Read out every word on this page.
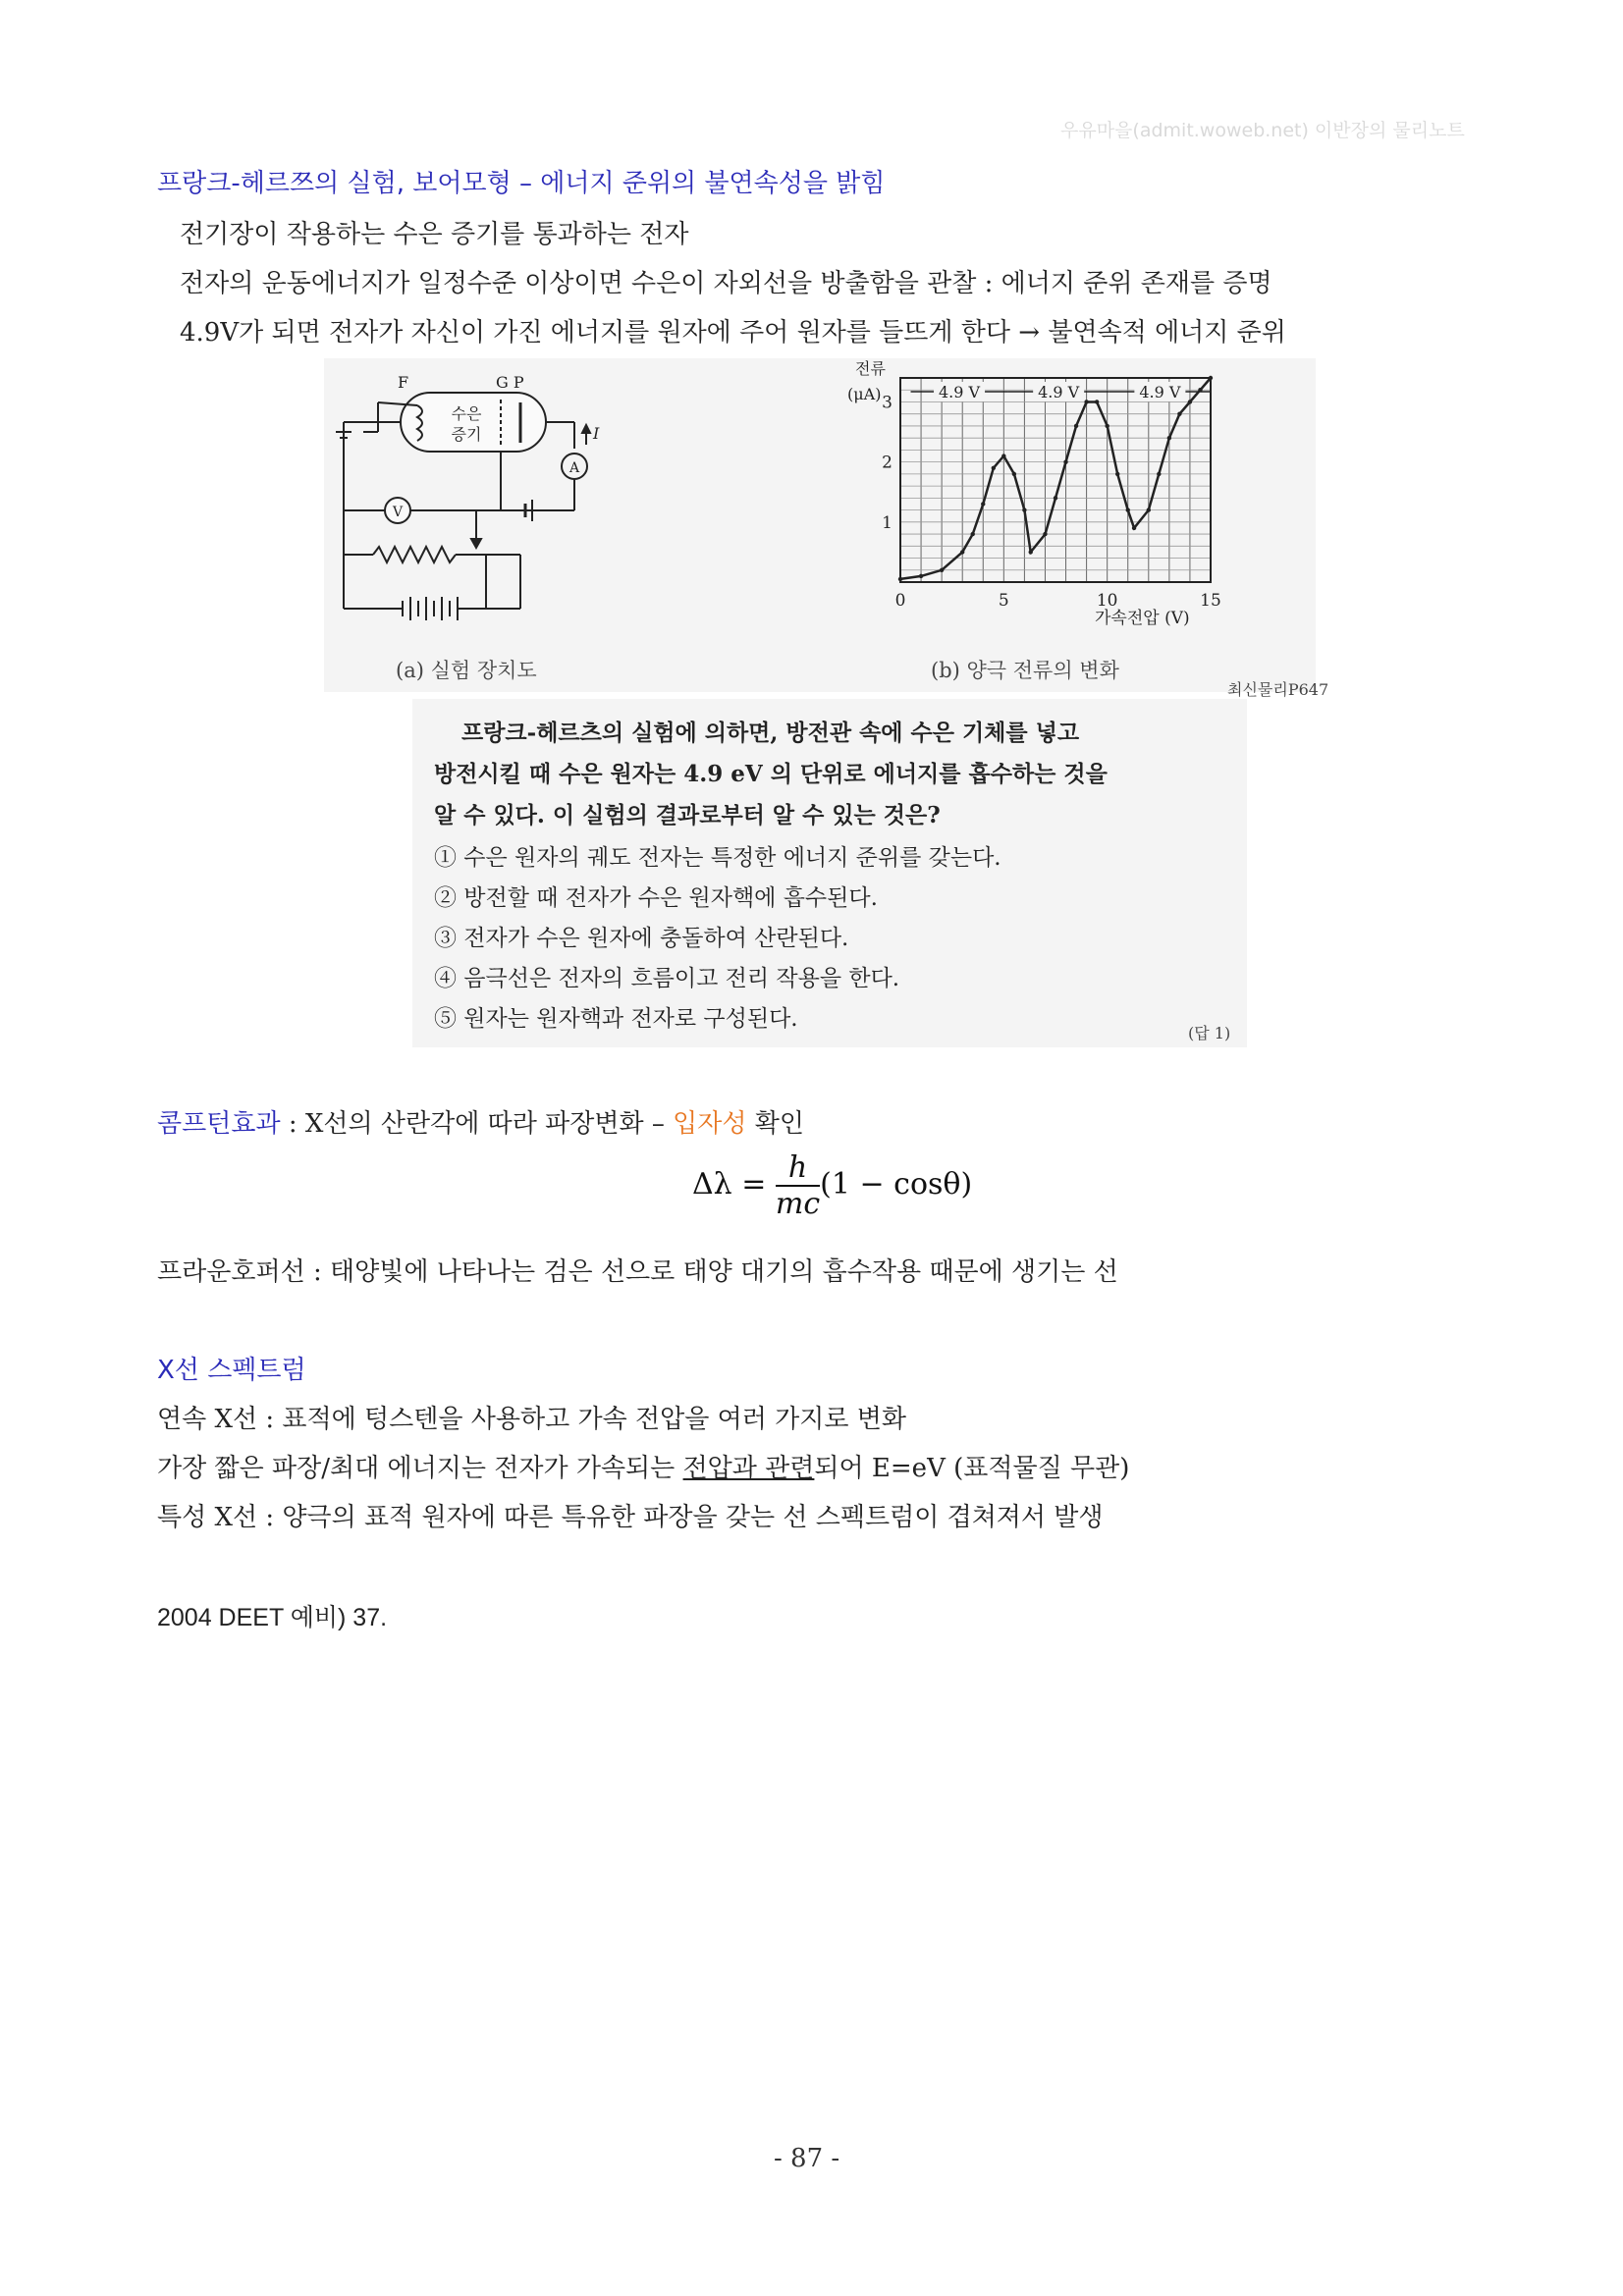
우유마을(admit.woweb.net) 이반장의 물리노트
프랑크-헤르쯔의 실험, 보어모형 – 에너지 준위의 불연속성을 밝힘
전기장이 작용하는 수은 증기를 통과하는 전자
전자의 운동에너지가 일정수준 이상이면 수은이 자외선을 방출함을 관찰 : 에너지 준위 존재를 증명
4.9V가 되면 전자가 자신이 가진 에너지를 원자에 주어 원자를 들뜨게 한다 → 불연속적 에너지 준위
F	G P
수은
증기
A
V
I
(a) 실험 장치도
0	5	10	15
1
2
3
4.9 V	4.9 V	4.9 V
전류
(μA)
가속전압 (V)
(b) 양극 전류의 변화
최신물리P647
프랑크-헤르츠의 실험에 의하면, 방전관 속에 수은 기체를 넣고
방전시킬 때 수은 원자는 4.9 eV 의 단위로 에너지를 흡수하는 것을
알 수 있다. 이 실험의 결과로부터 알 수 있는 것은?
① 수은 원자의 궤도 전자는 특정한 에너지 준위를 갖는다.
② 방전할 때 전자가 수은 원자핵에 흡수된다.
③ 전자가 수은 원자에 충돌하여 산란된다.
④ 음극선은 전자의 흐름이고 전리 작용을 한다.
⑤ 원자는 원자핵과 전자로 구성된다.
(답 1)
콤프턴효과 : X선의 산란각에 따라 파장변화 – 입자성 확인
$\Delta\lambda = \frac{h}{mc} (1 - \cos\theta)$
프라운호퍼선 : 태양빛에 나타나는 검은 선으로 태양 대기의 흡수작용 때문에 생기는 선
X선 스펙트럼
연속 X선 : 표적에 텅스텐을 사용하고 가속 전압을 여러 가지로 변화
가장 짧은 파장/최대 에너지는 전자가 가속되는 전압과 관련되어 E=eV (표적물질 무관)
특성 X선 : 양극의 표적 원자에 따른 특유한 파장을 갖는 선 스펙트럼이 겹쳐져서 발생
2004 DEET 예비) 37.
- 87 -
